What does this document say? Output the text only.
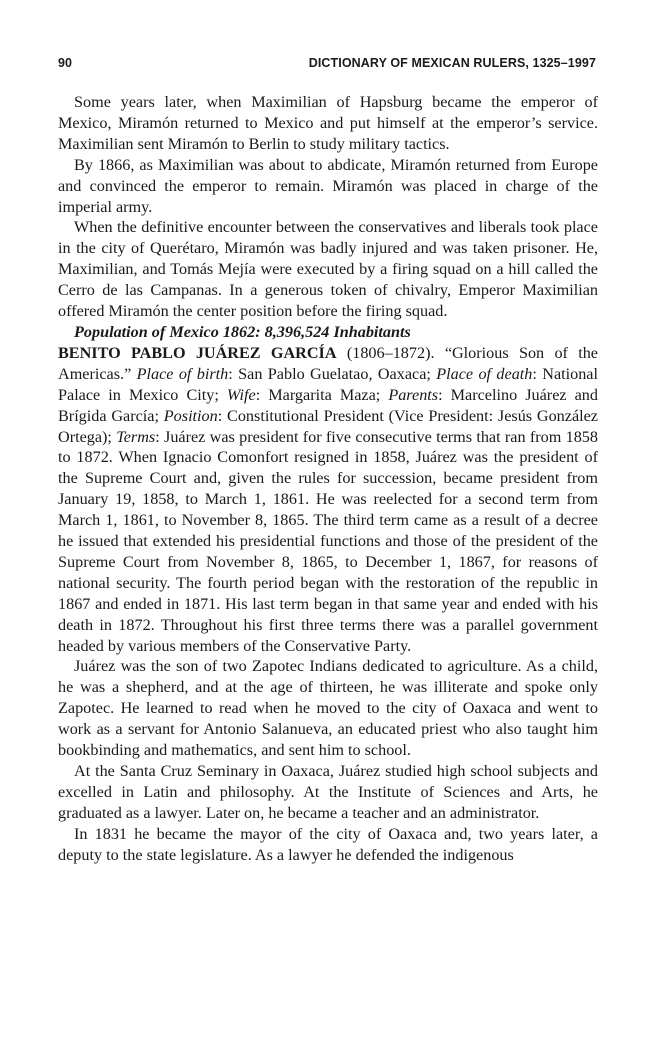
90	DICTIONARY OF MEXICAN RULERS, 1325–1997

Some years later, when Maximilian of Hapsburg became the emperor of Mexico, Miramón returned to Mexico and put himself at the emperor’s service. Maximilian sent Miramón to Berlin to study military tactics.

By 1866, as Maximilian was about to abdicate, Miramón returned from Europe and convinced the emperor to remain. Miramón was placed in charge of the imperial army.

When the definitive encounter between the conservatives and liberals took place in the city of Querétaro, Miramón was badly injured and was taken prisoner. He, Maximilian, and Tomás Mejía were executed by a firing squad on a hill called the Cerro de las Campanas. In a generous token of chivalry, Emperor Maximilian offered Miramón the center position before the firing squad.

Population of Mexico 1862: 8,396,524 Inhabitants

BENITO PABLO JUÁREZ GARCÍA (1806–1872). “Glorious Son of the Americas.” Place of birth: San Pablo Guelatao, Oaxaca; Place of death: National Palace in Mexico City; Wife: Margarita Maza; Parents: Marcelino Juárez and Brígida García; Position: Constitutional President (Vice President: Jesús González Ortega); Terms: Juárez was president for five consecutive terms that ran from 1858 to 1872. When Ignacio Comonfort resigned in 1858, Juárez was the president of the Supreme Court and, given the rules for succession, became president from January 19, 1858, to March 1, 1861. He was reelected for a second term from March 1, 1861, to November 8, 1865. The third term came as a result of a decree he issued that extended his presidential functions and those of the president of the Supreme Court from November 8, 1865, to December 1, 1867, for reasons of national security. The fourth period began with the restoration of the republic in 1867 and ended in 1871. His last term began in that same year and ended with his death in 1872. Throughout his first three terms there was a parallel government headed by various members of the Conservative Party.

Juárez was the son of two Zapotec Indians dedicated to agriculture. As a child, he was a shepherd, and at the age of thirteen, he was illiterate and spoke only Zapotec. He learned to read when he moved to the city of Oaxaca and went to work as a servant for Antonio Salanueva, an educated priest who also taught him bookbinding and mathematics, and sent him to school.

At the Santa Cruz Seminary in Oaxaca, Juárez studied high school subjects and excelled in Latin and philosophy. At the Institute of Sciences and Arts, he graduated as a lawyer. Later on, he became a teacher and an administrator.

In 1831 he became the mayor of the city of Oaxaca and, two years later, a deputy to the state legislature. As a lawyer he defended the indigenous
